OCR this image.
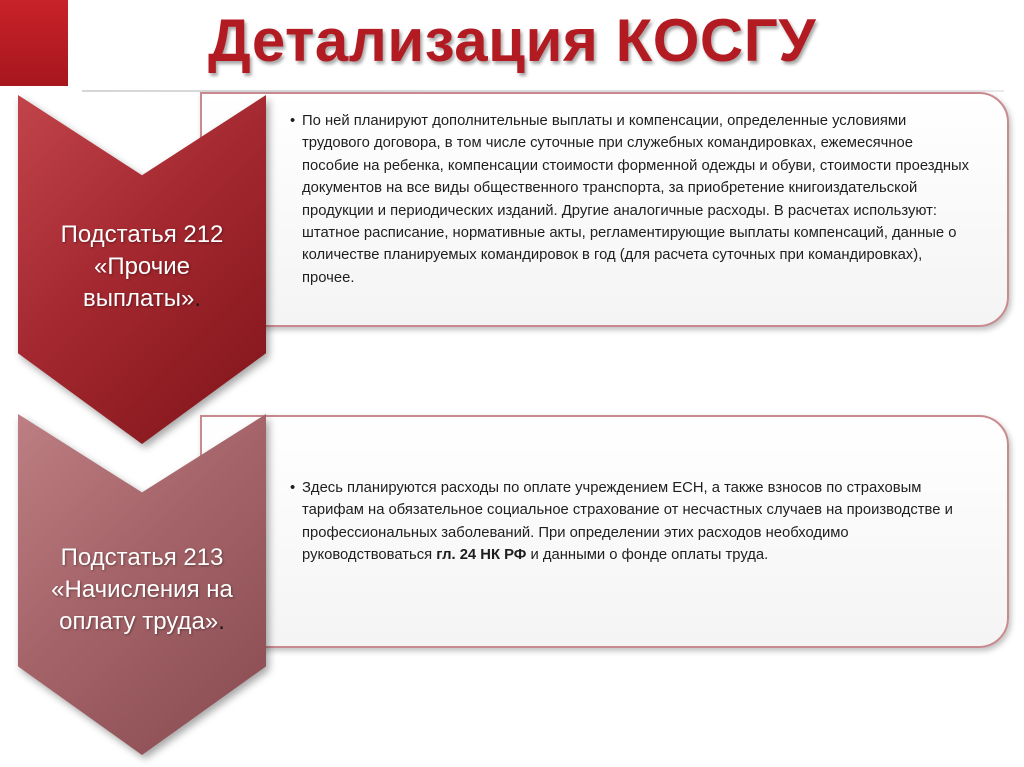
Детализация КОСГУ
• По ней планируют дополнительные выплаты и компенсации, определенные условиями трудового договора, в том числе суточные при служебных командировках, ежемесячное пособие на ребенка, компенсации стоимости форменной одежды и обуви, стоимости проездных документов на все виды общественного транспорта, за приобретение книгоиздательской продукции и периодических изданий. Другие аналогичные расходы. В расчетах используют: штатное расписание, нормативные акты, регламентирующие выплаты компенсаций, данные о количестве планируемых командировок в год (для расчета суточных при командировках), прочее.
• Здесь планируются расходы по оплате учреждением ЕСН, а также взносов по страховым тарифам на обязательное социальное страхование от несчастных случаев на производстве и профессиональных заболеваний. При определении этих расходов необходимо руководствоваться гл. 24 НК РФ и данными о фонде оплаты труда.
Подстатья 212
«Прочие
выплаты».
Подстатья 213
«Начисления на
оплату труда».
